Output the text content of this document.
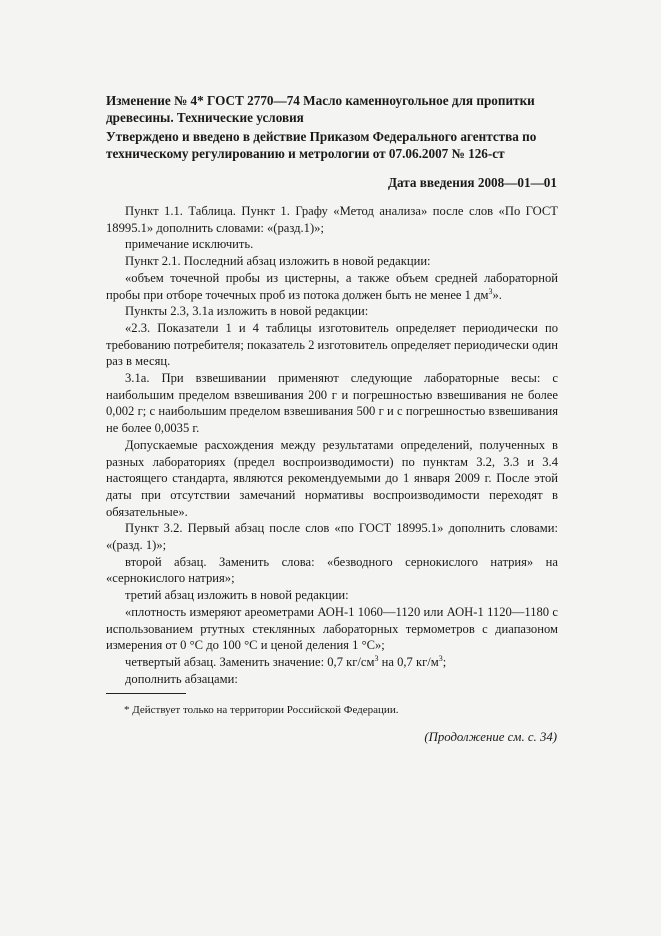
Изменение № 4* ГОСТ 2770—74 Масло каменноугольное для пропитки древесины. Технические условия
Утверждено и введено в действие Приказом Федерального агентства по техническому регулированию и метрологии от 07.06.2007 № 126-ст
Дата введения 2008—01—01

Пункт 1.1. Таблица. Пункт 1. Графу «Метод анализа» после слов «По ГОСТ 18995.1» дополнить словами: «(разд.1)»;

примечание исключить.

Пункт 2.1. Последний абзац изложить в новой редакции:

«объем точечной пробы из цистерны, а также объем средней лабораторной пробы при отборе точечных проб из потока должен быть не менее 1 $дм^3$».

Пункты 2.3, 3.1а изложить в новой редакции:

«2.3. Показатели 1 и 4 таблицы изготовитель определяет периодически по требованию потребителя; показатель 2 изготовитель определяет периодически один раз в месяц.

3.1а. При взвешивании применяют следующие лабораторные весы: с наибольшим пределом взвешивания 200 г и погрешностью взвешивания не более 0,002 г; с наибольшим пределом взвешивания 500 г и с погрешностью взвешивания не более 0,0035 г.

Допускаемые расхождения между результатами определений, полученных в разных лабораториях (предел воспроизводимости) по пунктам 3.2, 3.3 и 3.4 настоящего стандарта, являются рекомендуемыми до 1 января 2009 г. После этой даты при отсутствии замечаний нормативы воспроизводимости переходят в обязательные».

Пункт 3.2. Первый абзац после слов «по ГОСТ 18995.1» дополнить словами: «(разд. 1)»;

второй абзац. Заменить слова: «безводного сернокислого натрия» на «сернокислого натрия»;

третий абзац изложить в новой редакции:

«плотность измеряют ареометрами АОН-1 1060—1120 или АОН-1 1120—1180 с использованием ртутных стеклянных лабораторных термометров с диапазоном измерения от 0 °С до 100 °С и ценой деления 1 °С»;

четвертый абзац. Заменить значение: 0,7 $кг/см^3$ на 0,7 $кг/м^3$;

дополнить абзацами:

* Действует только на территории Российской Федерации.
(Продолжение см. с. 34)
